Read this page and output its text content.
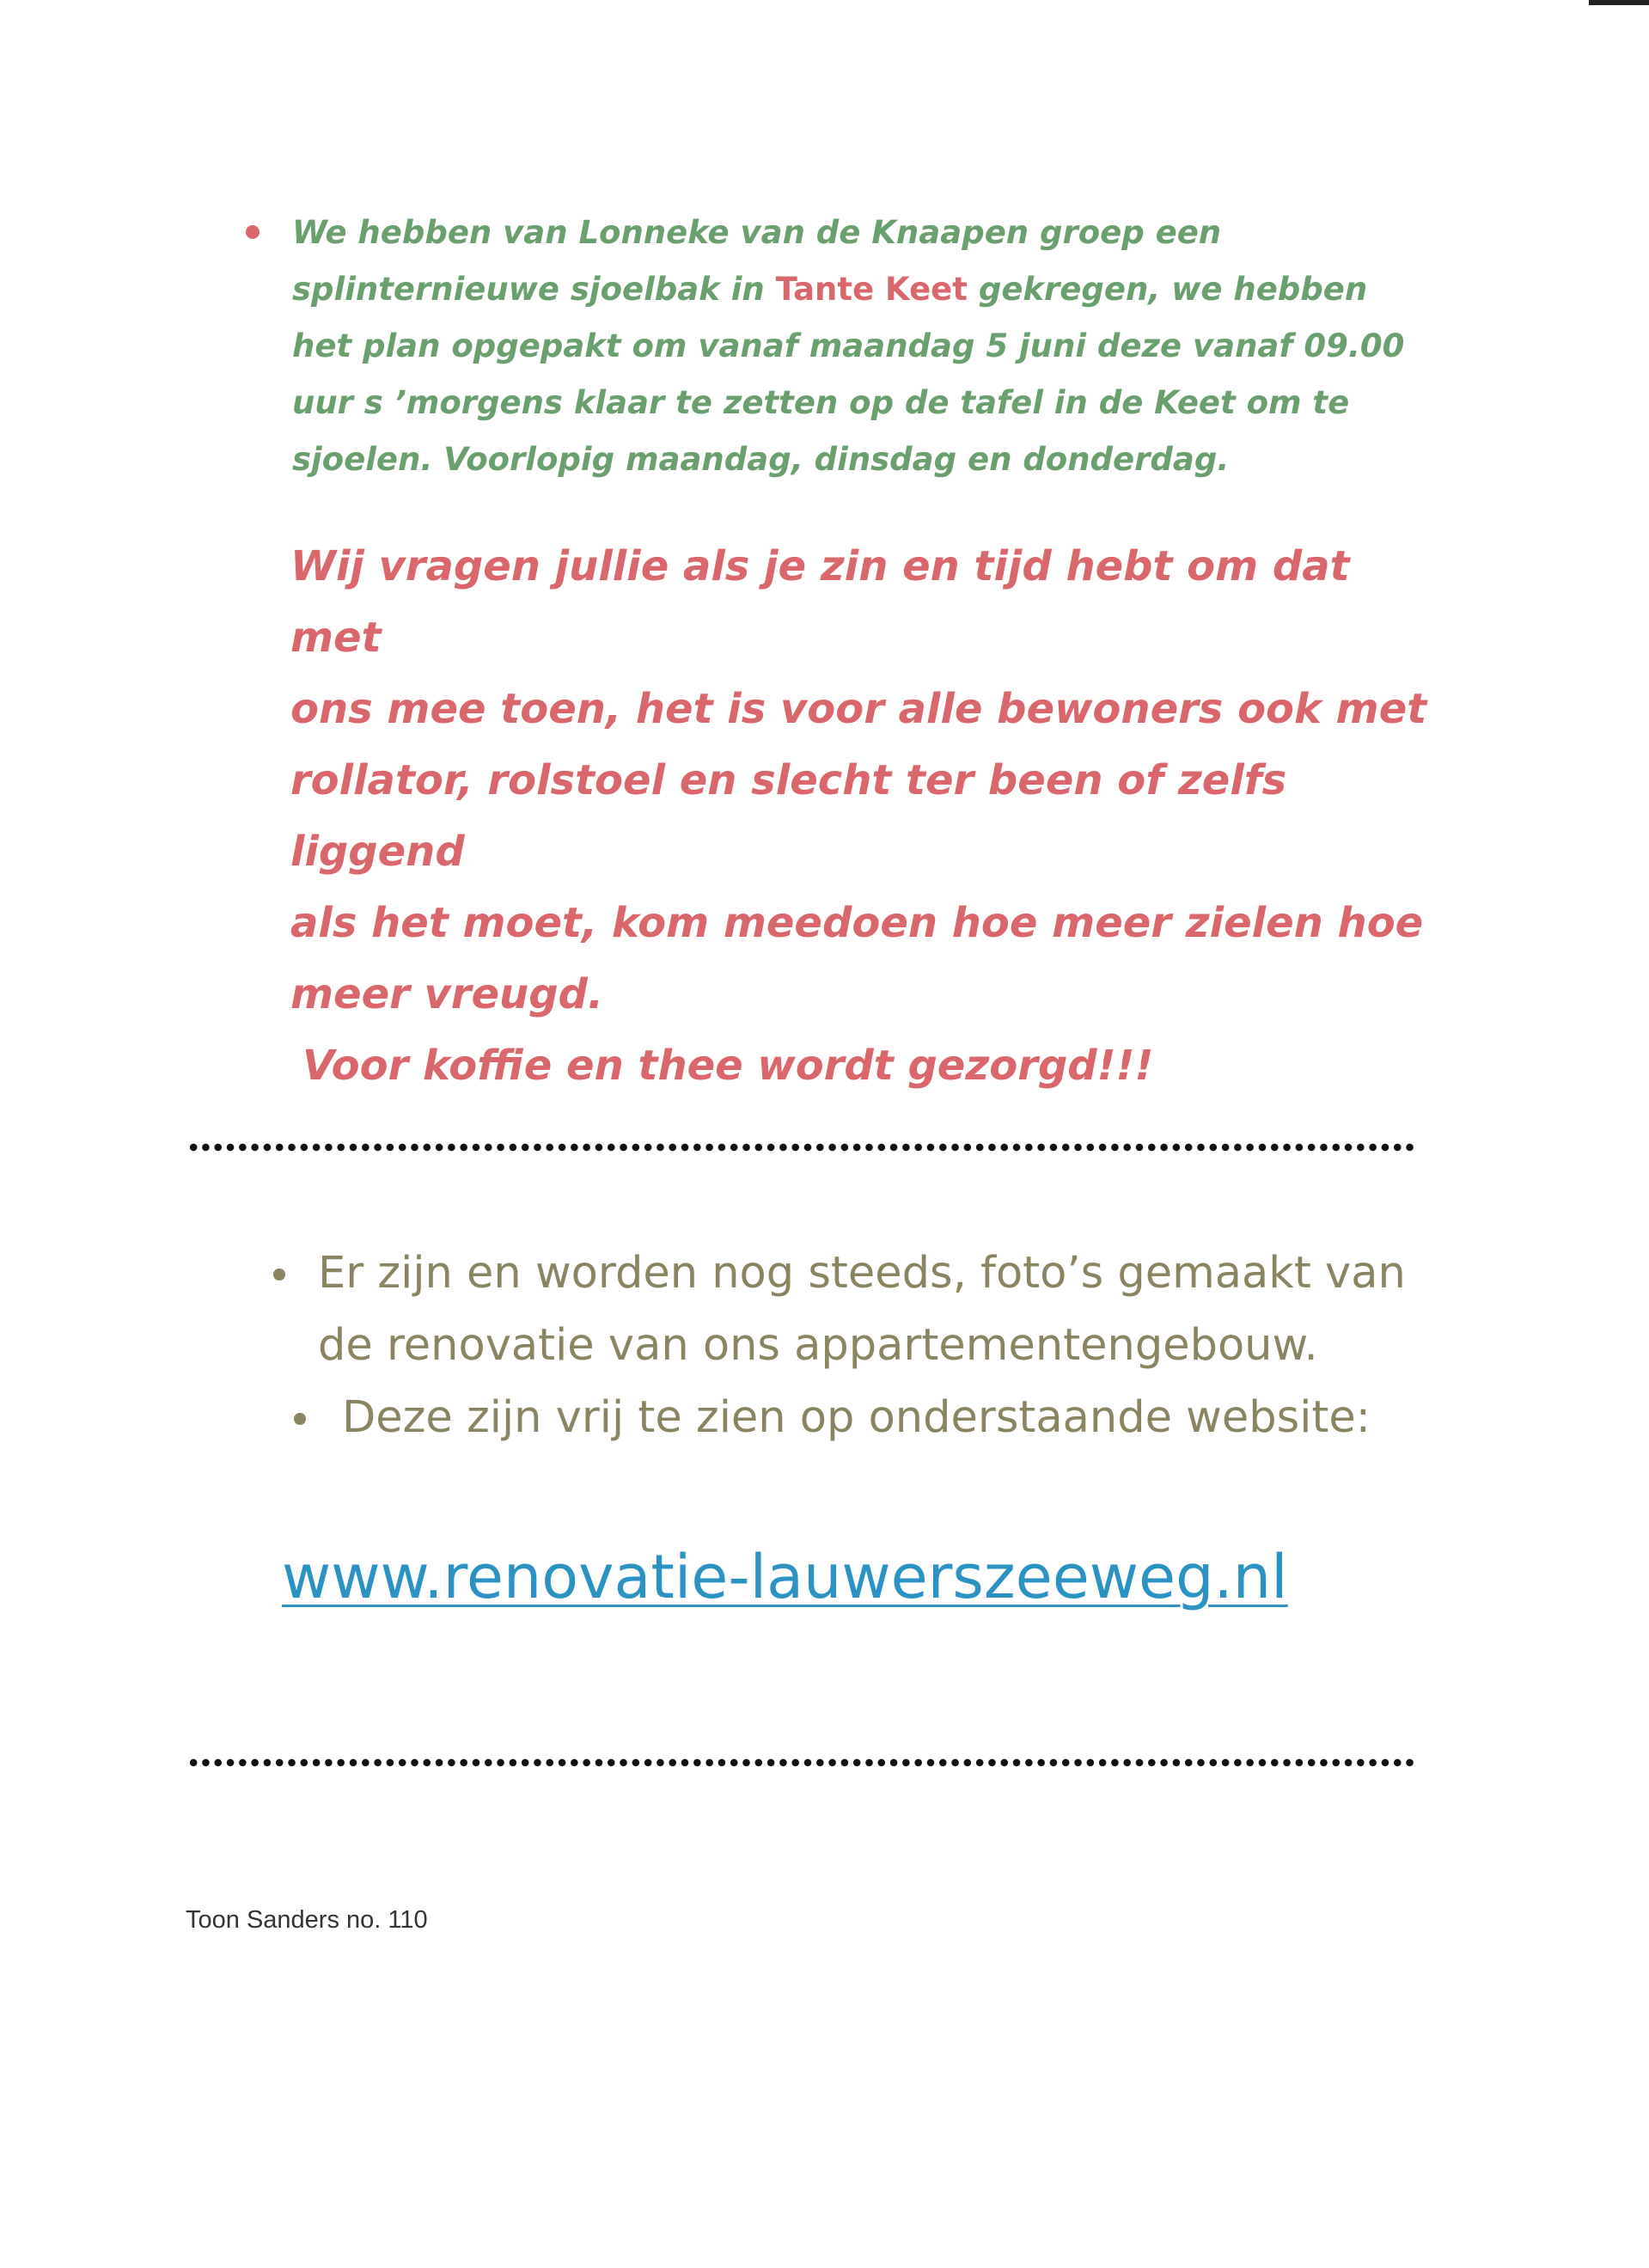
We hebben van Lonneke van de Knaapen groep een
splinternieuwe sjoelbak in Tante Keet gekregen, we hebben
het plan opgepakt om vanaf maandag 5 juni deze vanaf 09.00
uur s ’morgens klaar te zetten op de tafel in de Keet om te
sjoelen. Voorlopig maandag, dinsdag en donderdag.
Wij vragen jullie als je zin en tijd hebt om dat met
ons mee toen, het is voor alle bewoners ook met
rollator, rolstoel en slecht ter been of zelfs liggend
als het moet, kom meedoen hoe meer zielen hoe
meer vreugd.
Voor koffie en thee wordt gezorgd!!!
Er zijn en worden nog steeds, foto’s gemaakt van
de renovatie van ons appartementengebouw.
Deze zijn vrij te zien op onderstaande website:
www.renovatie-lauwerszeeweg.nl
Toon Sanders no. 110
